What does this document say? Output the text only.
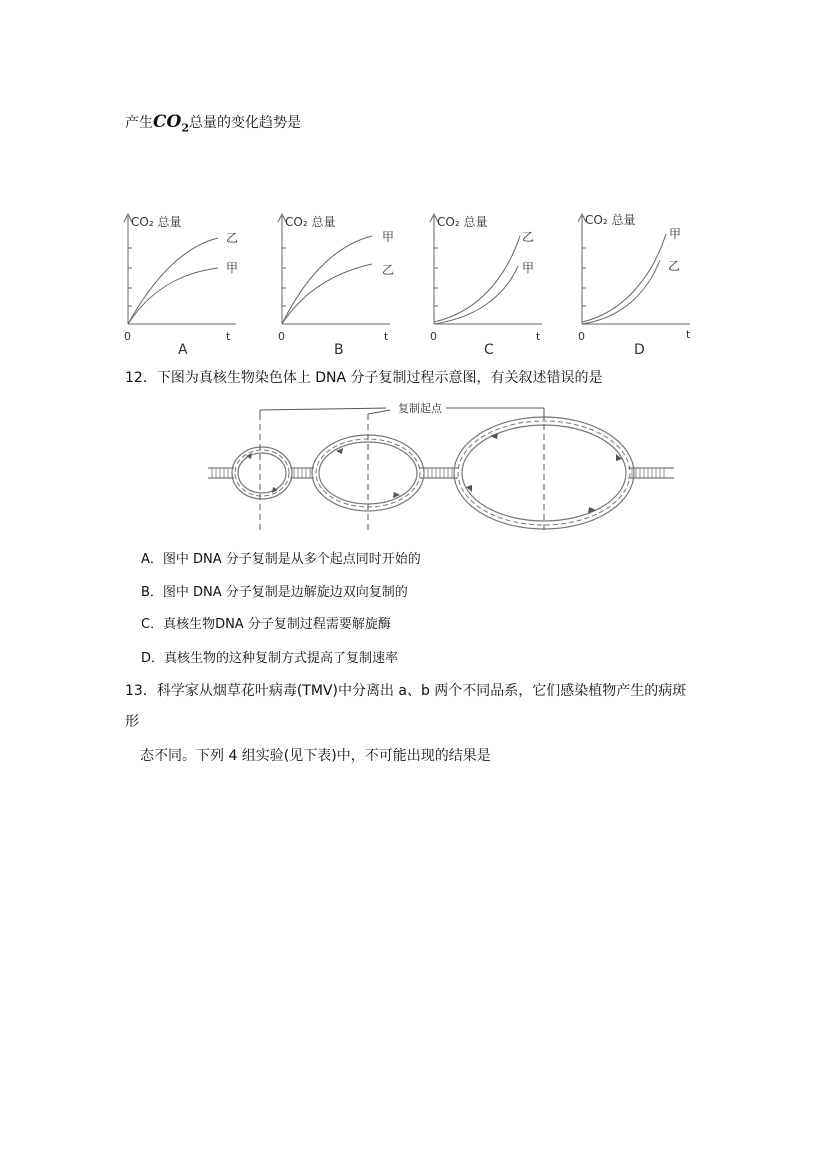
产生$CO_2$总量的变化趋势是
CO₂ 总量
乙
甲
0	t
A
CO₂ 总量
甲
乙
0	t
B
CO₂ 总量
乙
甲
0	t
C
CO₂ 总量
甲
乙
0	t
D
12．下图为真核生物染色体上 DNA 分子复制过程示意图，有关叙述错误的是
复制起点
A．图中 DNA 分子复制是从多个起点同时开始的
B．图中 DNA 分子复制是边解旋边双向复制的
C．真核生物DNA 分子复制过程需要解旋酶
D．真核生物的这种复制方式提高了复制速率
13．科学家从烟草花叶病毒(TMV)中分离出 a、b 两个不同品系，它们感染植物产生的病斑
形
态不同。下列 4 组实验(见下表)中，不可能出现的结果是
